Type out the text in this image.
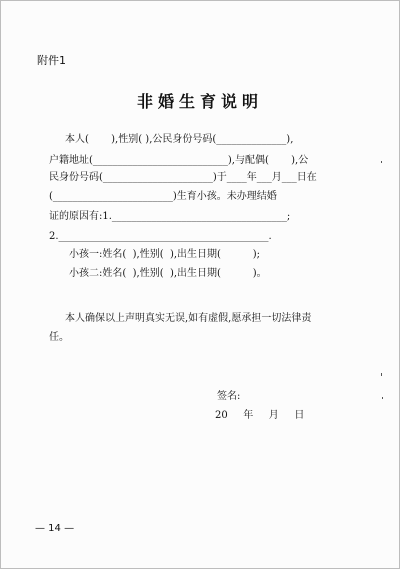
附件1
非婚生育说明
本人(       ),性别( ),公民身份号码(______________),
户籍地址(___________________________),与配偶(       ),公
民身份号码(______________________)于____年___月___日在
(________________________)生育小孩。未办理结婚
证的原因有:1.___________________________________;
2.__________________________________________.
小孩一:姓名(  ),性别(  ),出生日期(          );
小孩二:姓名(  ),性别(  ),出生日期(          )。
本人确保以上声明真实无误,如有虚假,愿承担一切法律责
任。
签名:
20   年   月   日
— 14 —
